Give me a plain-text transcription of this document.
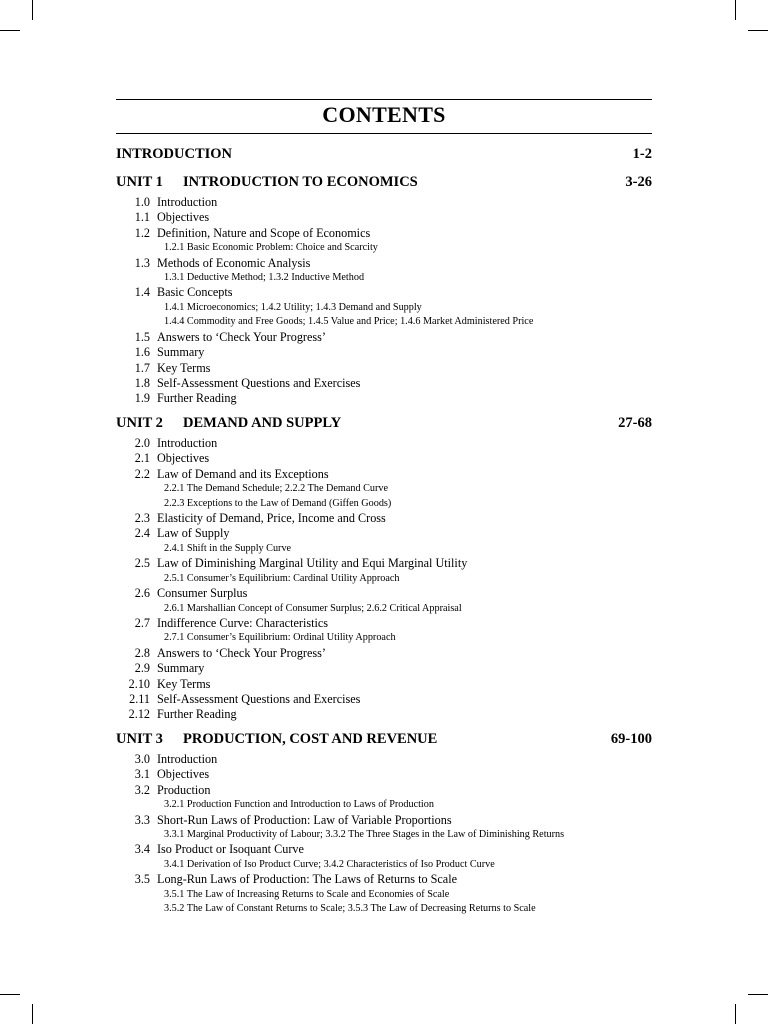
CONTENTS
INTRODUCTION	1-2
UNIT 1 INTRODUCTION TO ECONOMICS	3-26
1.0 Introduction
1.1 Objectives
1.2 Definition, Nature and Scope of Economics
1.2.1 Basic Economic Problem: Choice and Scarcity
1.3 Methods of Economic Analysis
1.3.1 Deductive Method; 1.3.2 Inductive Method
1.4 Basic Concepts
1.4.1 Microeconomics; 1.4.2 Utility; 1.4.3 Demand and Supply
1.4.4 Commodity and Free Goods; 1.4.5 Value and Price; 1.4.6 Market Administered Price
1.5 Answers to ‘Check Your Progress’
1.6 Summary
1.7 Key Terms
1.8 Self-Assessment Questions and Exercises
1.9 Further Reading
UNIT 2 DEMAND AND SUPPLY	27-68
2.0 Introduction
2.1 Objectives
2.2 Law of Demand and its Exceptions
2.2.1 The Demand Schedule; 2.2.2 The Demand Curve
2.2.3 Exceptions to the Law of Demand (Giffen Goods)
2.3 Elasticity of Demand, Price, Income and Cross
2.4 Law of Supply
2.4.1 Shift in the Supply Curve
2.5 Law of Diminishing Marginal Utility and Equi Marginal Utility
2.5.1 Consumer’s Equilibrium: Cardinal Utility Approach
2.6 Consumer Surplus
2.6.1 Marshallian Concept of Consumer Surplus; 2.6.2 Critical Appraisal
2.7 Indifference Curve: Characteristics
2.7.1 Consumer’s Equilibrium: Ordinal Utility Approach
2.8 Answers to ‘Check Your Progress’
2.9 Summary
2.10 Key Terms
2.11 Self-Assessment Questions and Exercises
2.12 Further Reading
UNIT 3 PRODUCTION, COST AND REVENUE	69-100
3.0 Introduction
3.1 Objectives
3.2 Production
3.2.1 Production Function and Introduction to Laws of Production
3.3 Short-Run Laws of Production: Law of Variable Proportions
3.3.1 Marginal Productivity of Labour; 3.3.2 The Three Stages in the Law of Diminishing Returns
3.4 Iso Product or Isoquant Curve
3.4.1 Derivation of Iso Product Curve; 3.4.2 Characteristics of Iso Product Curve
3.5 Long-Run Laws of Production: The Laws of Returns to Scale
3.5.1 The Law of Increasing Returns to Scale and Economies of Scale
3.5.2 The Law of Constant Returns to Scale; 3.5.3 The Law of Decreasing Returns to Scale
